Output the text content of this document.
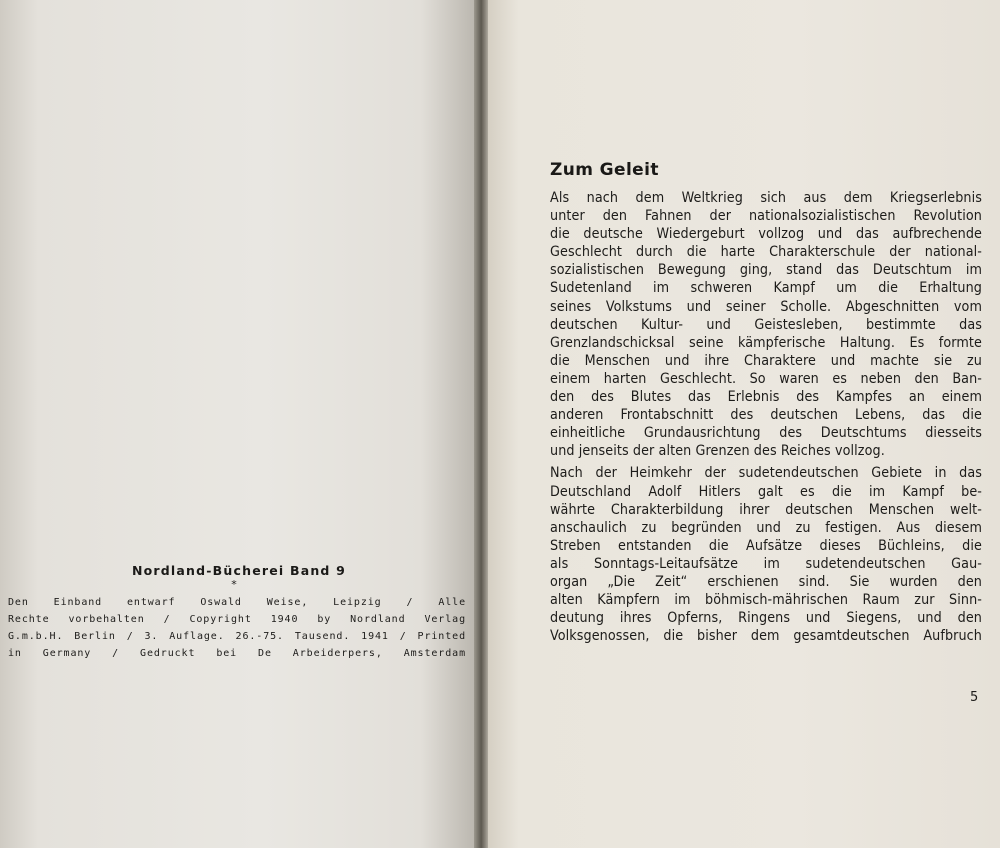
Nordland-Bücherei Band 9

*
Den Einband entwarf Oswald Weise, Leipzig / Alle
Rechte vorbehalten / Copyright 1940 by Nordland Verlag
G.m.b.H. Berlin / 3. Auflage. 26.-75. Tausend. 1941 / Printed
in Germany / Gedruckt bei De Arbeiderpers, Amsterdam
Zum Geleit

Als nach dem Weltkrieg sich aus dem Kriegserlebnis
unter den Fahnen der nationalsozialistischen Revolution
die deutsche Wiedergeburt vollzog und das aufbrechende
Geschlecht durch die harte Charakterschule der national-
sozialistischen Bewegung ging, stand das Deutschtum im
Sudetenland im schweren Kampf um die Erhaltung
seines Volkstums und seiner Scholle. Abgeschnitten vom
deutschen Kultur- und Geistesleben, bestimmte das
Grenzlandschicksal seine kämpferische Haltung. Es formte
die Menschen und ihre Charaktere und machte sie zu
einem harten Geschlecht. So waren es neben den Ban-
den des Blutes das Erlebnis des Kampfes an einem
anderen Frontabschnitt des deutschen Lebens, das die
einheitliche Grundausrichtung des Deutschtums diesseits
und jenseits der alten Grenzen des Reiches vollzog.

Nach der Heimkehr der sudetendeutschen Gebiete in das
Deutschland Adolf Hitlers galt es die im Kampf be-
währte Charakterbildung ihrer deutschen Menschen welt-
anschaulich zu begründen und zu festigen. Aus diesem
Streben entstanden die Aufsätze dieses Büchleins, die
als Sonntags-Leitaufsätze im sudetendeutschen Gau-
organ „Die Zeit“ erschienen sind. Sie wurden den
alten Kämpfern im böhmisch-mährischen Raum zur Sinn-
deutung ihres Opferns, Ringens und Siegens, und den
Volksgenossen, die bisher dem gesamtdeutschen Aufbruch

5
